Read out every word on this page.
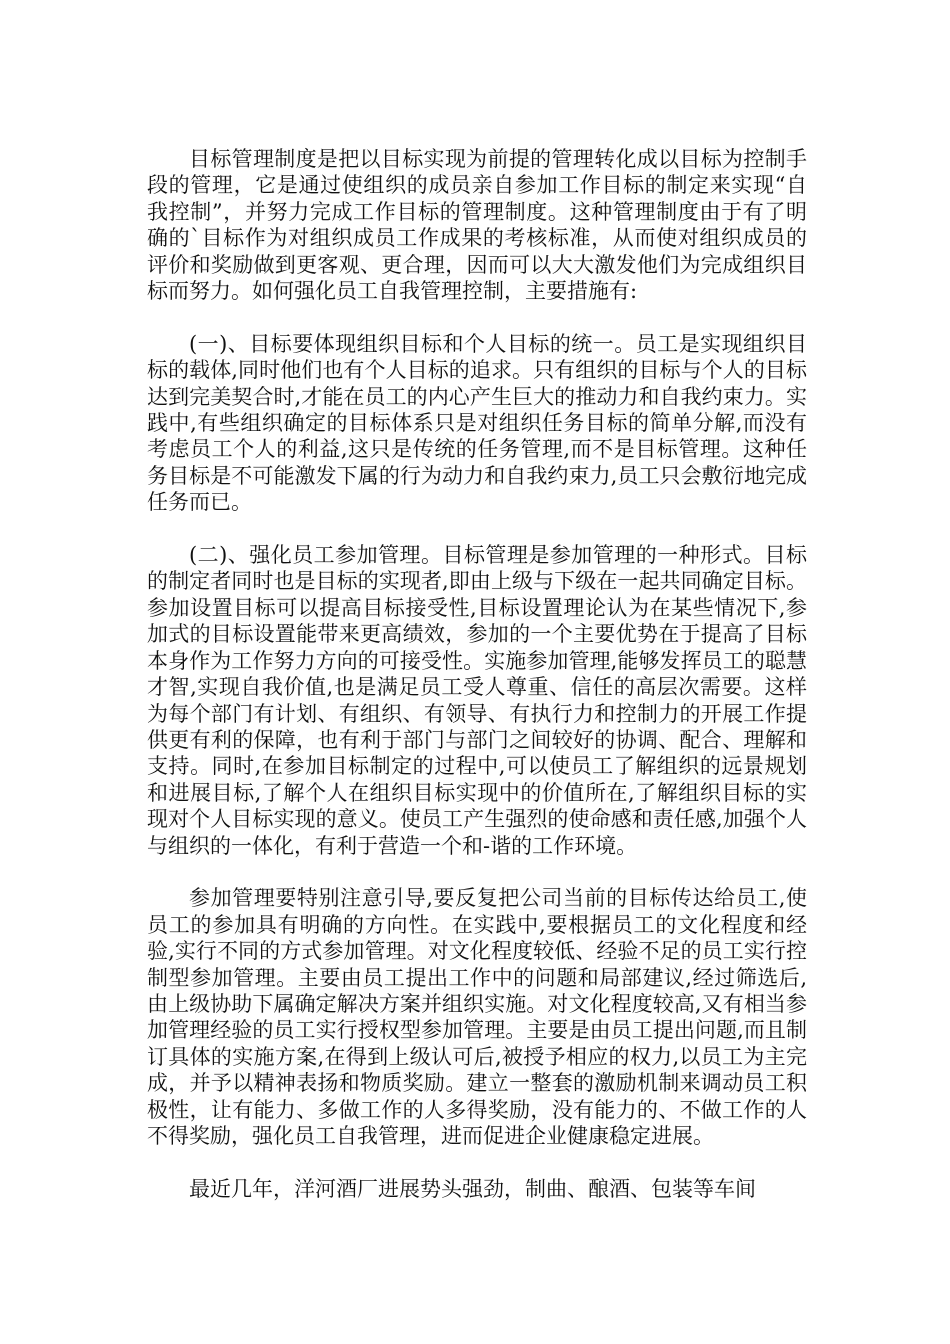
目标管理制度是把以目标实现为前提的管理转化成以目标为控制手段的管理，它是通过使组织的成员亲自参加工作目标的制定来实现“自我控制”，并努力完成工作目标的管理制度。这种管理制度由于有了明确的`目标作为对组织成员工作成果的考核标准，从而使对组织成员的评价和奖励做到更客观、更合理，因而可以大大激发他们为完成组织目标而努力。如何强化员工自我管理控制，主要措施有:

(一)、目标要体现组织目标和个人目标的统一。员工是实现组织目标的载体,同时他们也有个人目标的追求。只有组织的目标与个人的目标达到完美契合时,才能在员工的内心产生巨大的推动力和自我约束力。实践中,有些组织确定的目标体系只是对组织任务目标的简单分解,而没有考虑员工个人的利益,这只是传统的任务管理,而不是目标管理。这种任务目标是不可能激发下属的行为动力和自我约束力,员工只会敷衍地完成任务而已。

(二)、强化员工参加管理。目标管理是参加管理的一种形式。目标的制定者同时也是目标的实现者,即由上级与下级在一起共同确定目标。参加设置目标可以提高目标接受性,目标设置理论认为在某些情况下,参加式的目标设置能带来更高绩效，参加的一个主要优势在于提高了目标本身作为工作努力方向的可接受性。实施参加管理,能够发挥员工的聪慧才智,实现自我价值,也是满足员工受人尊重、信任的高层次需要。这样为每个部门有计划、有组织、有领导、有执行力和控制力的开展工作提供更有利的保障，也有利于部门与部门之间较好的协调、配合、理解和支持。同时,在参加目标制定的过程中,可以使员工了解组织的远景规划和进展目标,了解个人在组织目标实现中的价值所在,了解组织目标的实现对个人目标实现的意义。使员工产生强烈的使命感和责任感,加强个人与组织的一体化，有利于营造一个和-谐的工作环境。

参加管理要特别注意引导,要反复把公司当前的目标传达给员工,使员工的参加具有明确的方向性。在实践中,要根据员工的文化程度和经验,实行不同的方式参加管理。对文化程度较低、经验不足的员工实行控制型参加管理。主要由员工提出工作中的问题和局部建议,经过筛选后,由上级协助下属确定解决方案并组织实施。对文化程度较高,又有相当参加管理经验的员工实行授权型参加管理。主要是由员工提出问题,而且制订具体的实施方案,在得到上级认可后,被授予相应的权力,以员工为主完成，并予以精神表扬和物质奖励。建立一整套的激励机制来调动员工积极性，让有能力、多做工作的人多得奖励，没有能力的、不做工作的人不得奖励，强化员工自我管理，进而促进企业健康稳定进展。

最近几年，洋河酒厂进展势头强劲，制曲、酿酒、包装等车间
